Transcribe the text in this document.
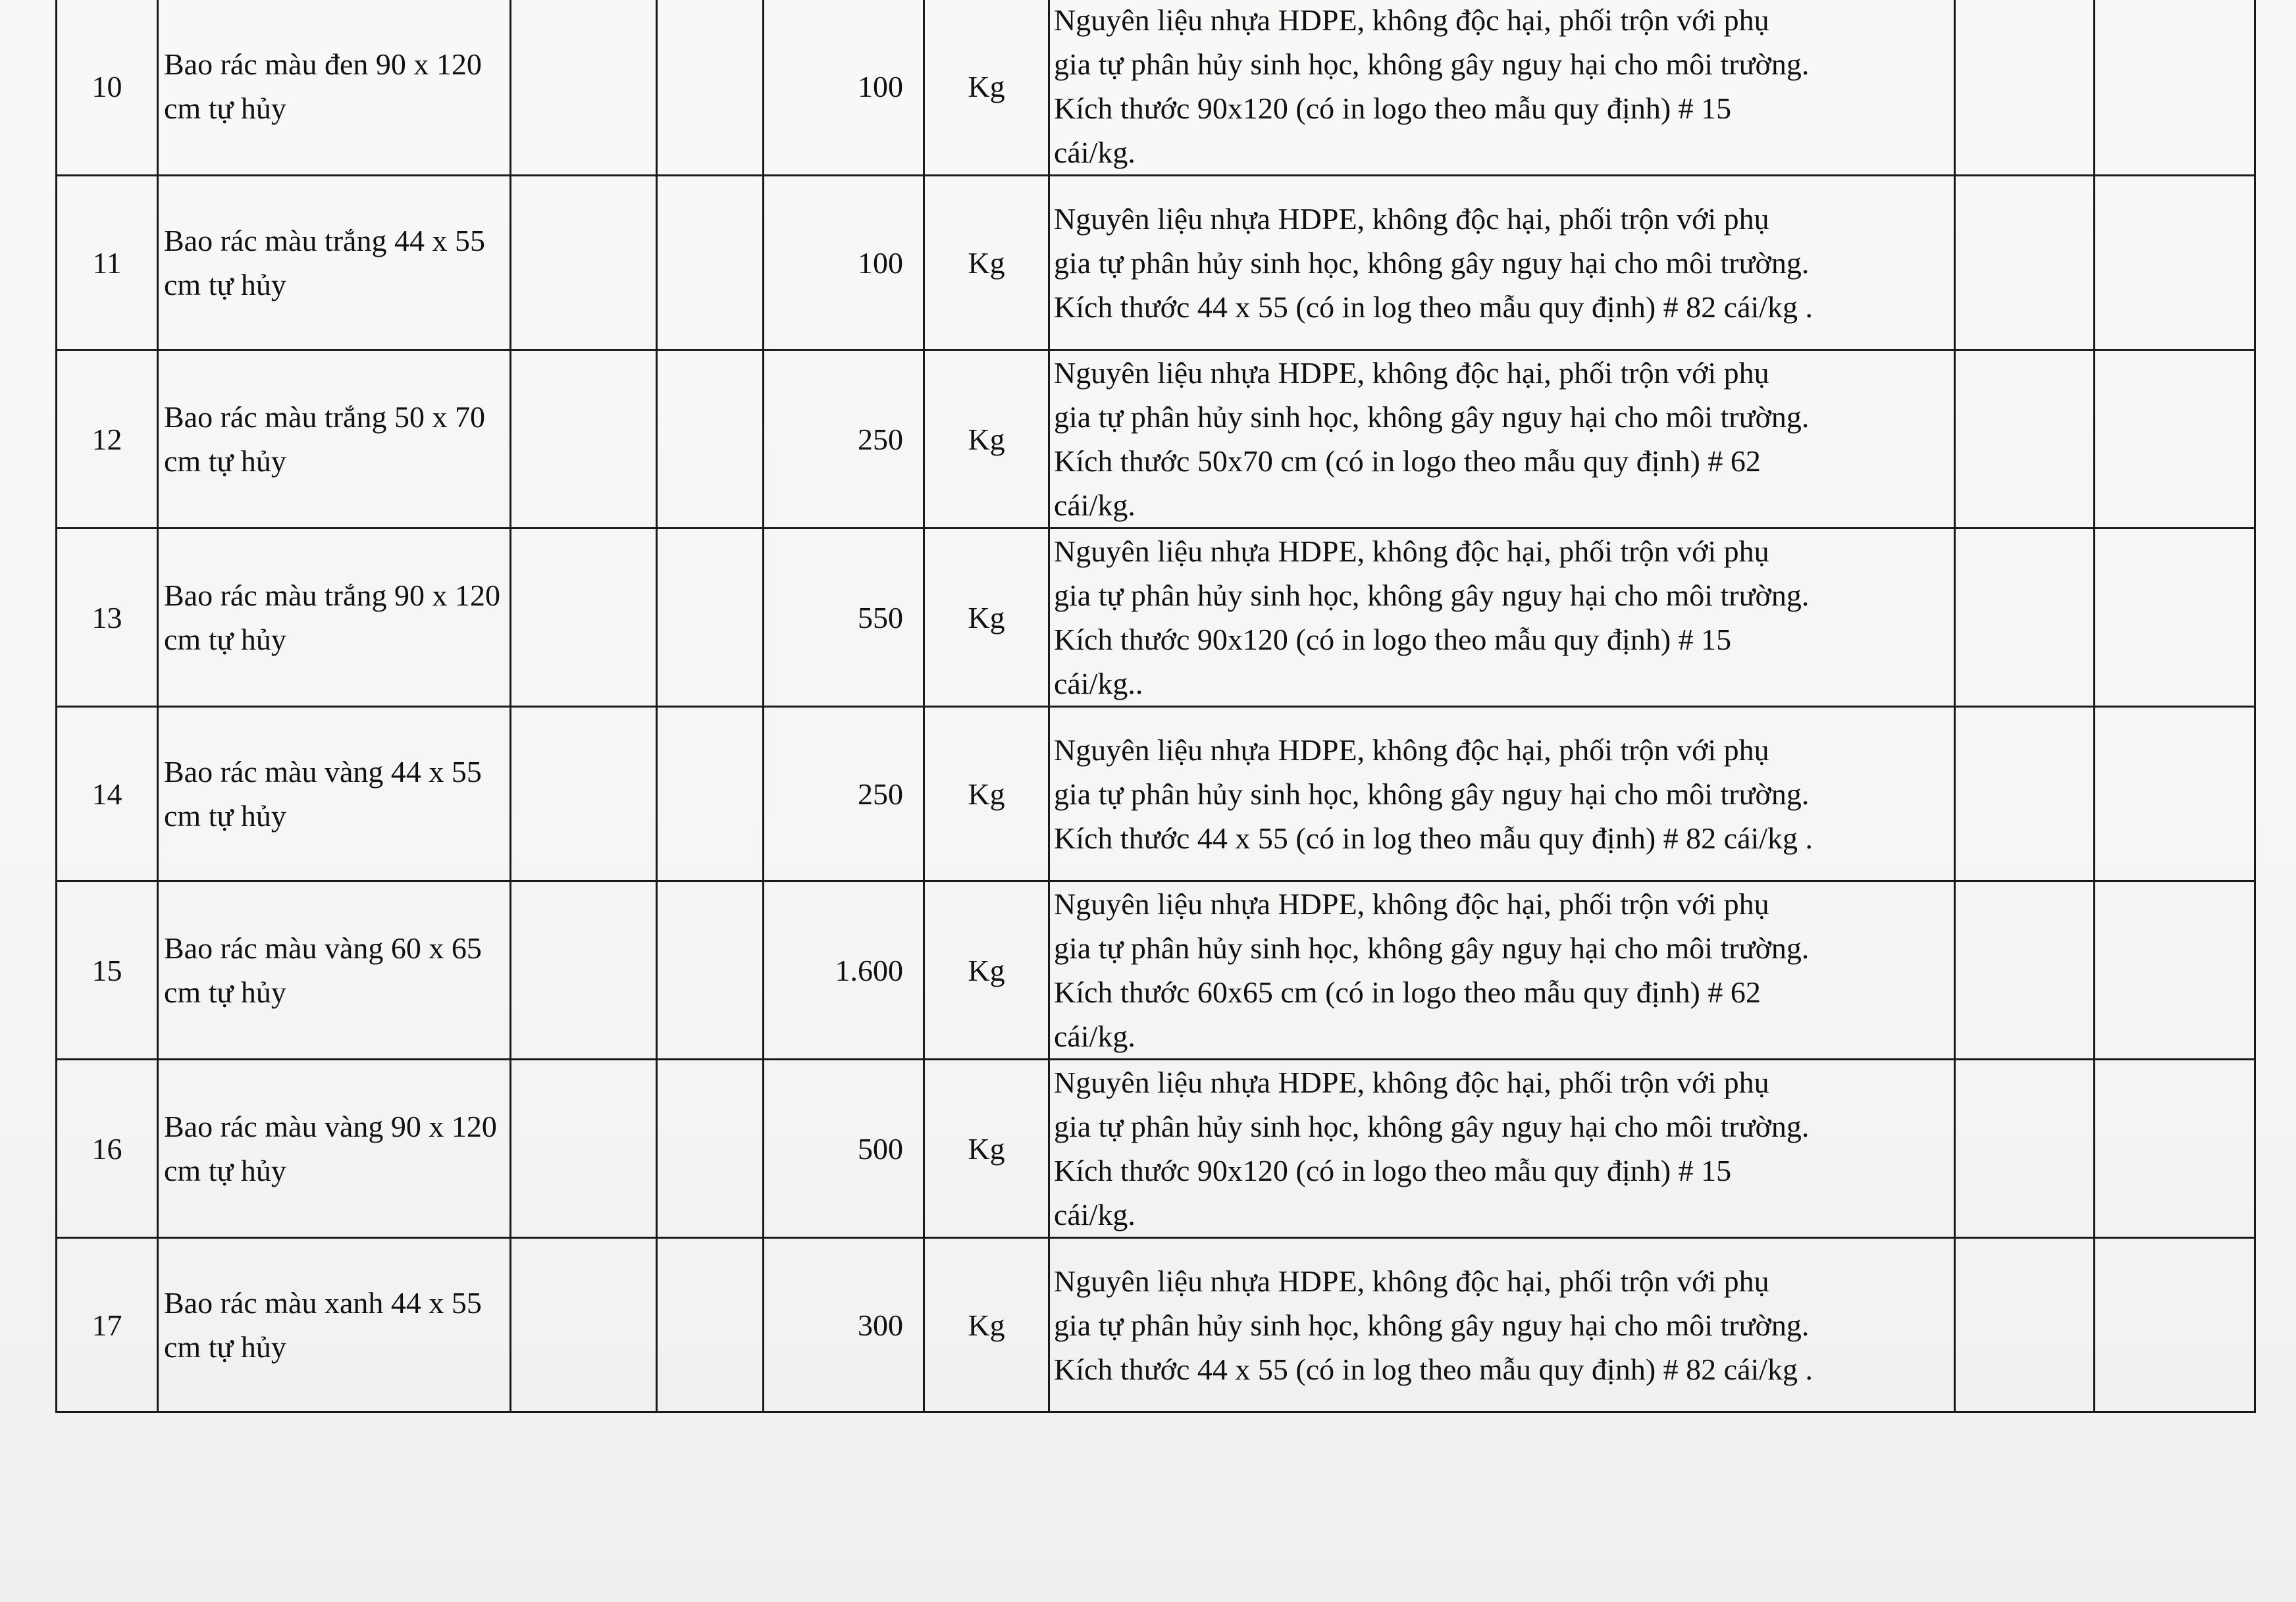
10	Bao rác màu đen 90 x 120 cm tự hủy			100	Kg	Nguyên liệu nhựa HDPE, không độc hại, phối trộn với phụ
gia tự phân hủy sinh học, không gây nguy hại cho môi trường.
Kích thước 90x120 (có in logo theo mẫu quy định) # 15
cái/kg.		
11	Bao rác màu trắng 44 x 55 cm tự hủy			100	Kg	Nguyên liệu nhựa HDPE, không độc hại, phối trộn với phụ
gia tự phân hủy sinh học, không gây nguy hại cho môi trường.
Kích thước 44 x 55 (có in log theo mẫu quy định) # 82 cái/kg .		
12	Bao rác màu trắng 50 x 70 cm tự hủy			250	Kg	Nguyên liệu nhựa HDPE, không độc hại, phối trộn với phụ
gia tự phân hủy sinh học, không gây nguy hại cho môi trường.
Kích thước 50x70 cm (có in logo theo mẫu quy định) # 62
cái/kg.		
13	Bao rác màu trắng 90 x 120 cm tự hủy			550	Kg	Nguyên liệu nhựa HDPE, không độc hại, phối trộn với phụ
gia tự phân hủy sinh học, không gây nguy hại cho môi trường.
Kích thước 90x120 (có in logo theo mẫu quy định) # 15
cái/kg..		
14	Bao rác màu vàng 44 x 55 cm tự hủy			250	Kg	Nguyên liệu nhựa HDPE, không độc hại, phối trộn với phụ
gia tự phân hủy sinh học, không gây nguy hại cho môi trường.
Kích thước 44 x 55 (có in log theo mẫu quy định) # 82 cái/kg .		
15	Bao rác màu vàng 60 x 65 cm tự hủy			1.600	Kg	Nguyên liệu nhựa HDPE, không độc hại, phối trộn với phụ
gia tự phân hủy sinh học, không gây nguy hại cho môi trường.
Kích thước 60x65 cm (có in logo theo mẫu quy định) # 62
cái/kg.		
16	Bao rác màu vàng 90 x 120 cm tự hủy			500	Kg	Nguyên liệu nhựa HDPE, không độc hại, phối trộn với phụ
gia tự phân hủy sinh học, không gây nguy hại cho môi trường.
Kích thước 90x120 (có in logo theo mẫu quy định) # 15
cái/kg.		
17	Bao rác màu xanh 44 x 55 cm tự hủy			300	Kg	Nguyên liệu nhựa HDPE, không độc hại, phối trộn với phụ
gia tự phân hủy sinh học, không gây nguy hại cho môi trường.
Kích thước 44 x 55 (có in log theo mẫu quy định) # 82 cái/kg .		
